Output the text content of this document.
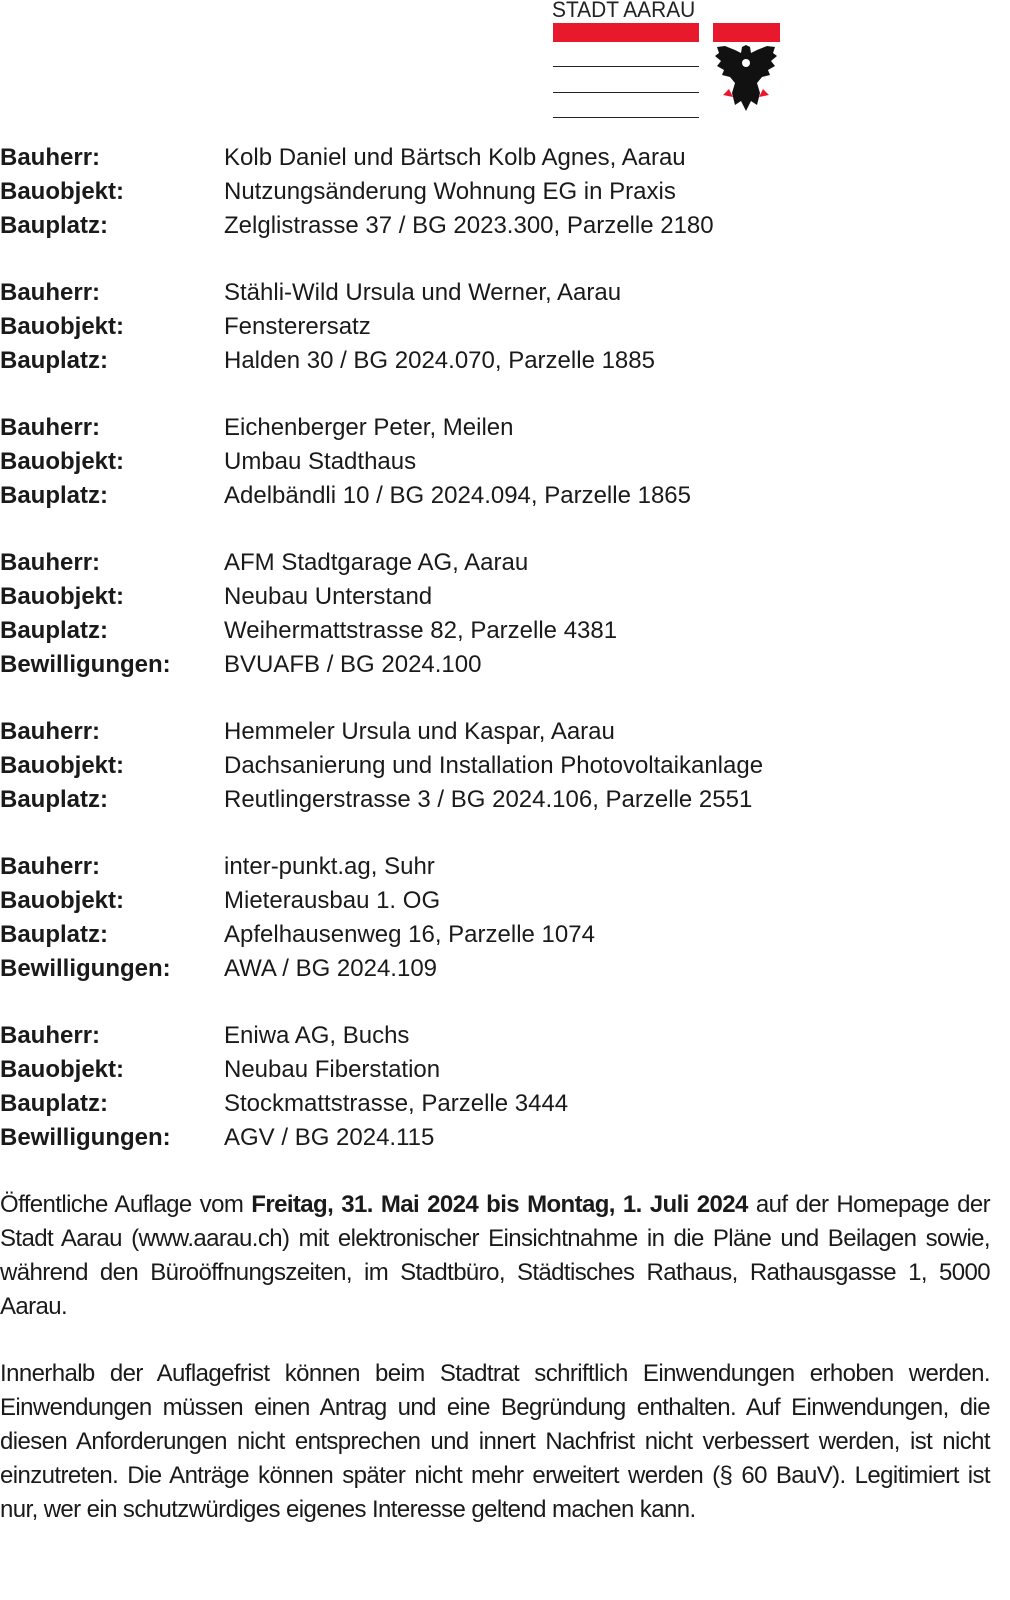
STADT AARAU
Bauherr:	Kolb Daniel und Bärtsch Kolb Agnes, Aarau
Bauobjekt:	Nutzungsänderung Wohnung EG in Praxis
Bauplatz:	Zelglistrasse 37 / BG 2023.300, Parzelle 2180
Bauherr:	Stähli-Wild Ursula und Werner, Aarau
Bauobjekt:	Fensterersatz
Bauplatz:	Halden 30 / BG 2024.070, Parzelle 1885
Bauherr:	Eichenberger Peter, Meilen
Bauobjekt:	Umbau Stadthaus
Bauplatz:	Adelbändli 10 / BG 2024.094, Parzelle 1865
Bauherr:	AFM Stadtgarage AG, Aarau
Bauobjekt:	Neubau Unterstand
Bauplatz:	Weihermattstrasse 82, Parzelle 4381
Bewilligungen:	BVUAFB / BG 2024.100
Bauherr:	Hemmeler Ursula und Kaspar, Aarau
Bauobjekt:	Dachsanierung und Installation Photovoltaikanlage
Bauplatz:	Reutlingerstrasse 3 / BG 2024.106, Parzelle 2551
Bauherr:	inter-punkt.ag, Suhr
Bauobjekt:	Mieterausbau 1. OG
Bauplatz:	Apfelhausenweg 16, Parzelle 1074
Bewilligungen:	AWA / BG 2024.109
Bauherr:	Eniwa AG, Buchs
Bauobjekt:	Neubau Fiberstation
Bauplatz:	Stockmattstrasse, Parzelle 3444
Bewilligungen:	AGV / BG 2024.115
Öffentliche Auflage vom Freitag, 31. Mai 2024 bis Montag, 1. Juli 2024 auf der Homepage der Stadt Aarau (www.aarau.ch) mit elektronischer Einsichtnahme in die Pläne und Beilagen sowie, während den Büroöffnungszeiten, im Stadtbüro, Städtisches Rathaus, Rathausgasse 1, 5000 Aarau.
Innerhalb der Auflagefrist können beim Stadtrat schriftlich Einwendungen erhoben werden. Einwendungen müssen einen Antrag und eine Begründung enthalten. Auf Einwendungen, die diesen Anforderungen nicht entsprechen und innert Nachfrist nicht verbessert werden, ist nicht einzutreten. Die Anträge können später nicht mehr erweitert werden (§ 60 BauV). Legitimiert ist nur, wer ein schutzwürdiges eigenes Interesse geltend machen kann.
